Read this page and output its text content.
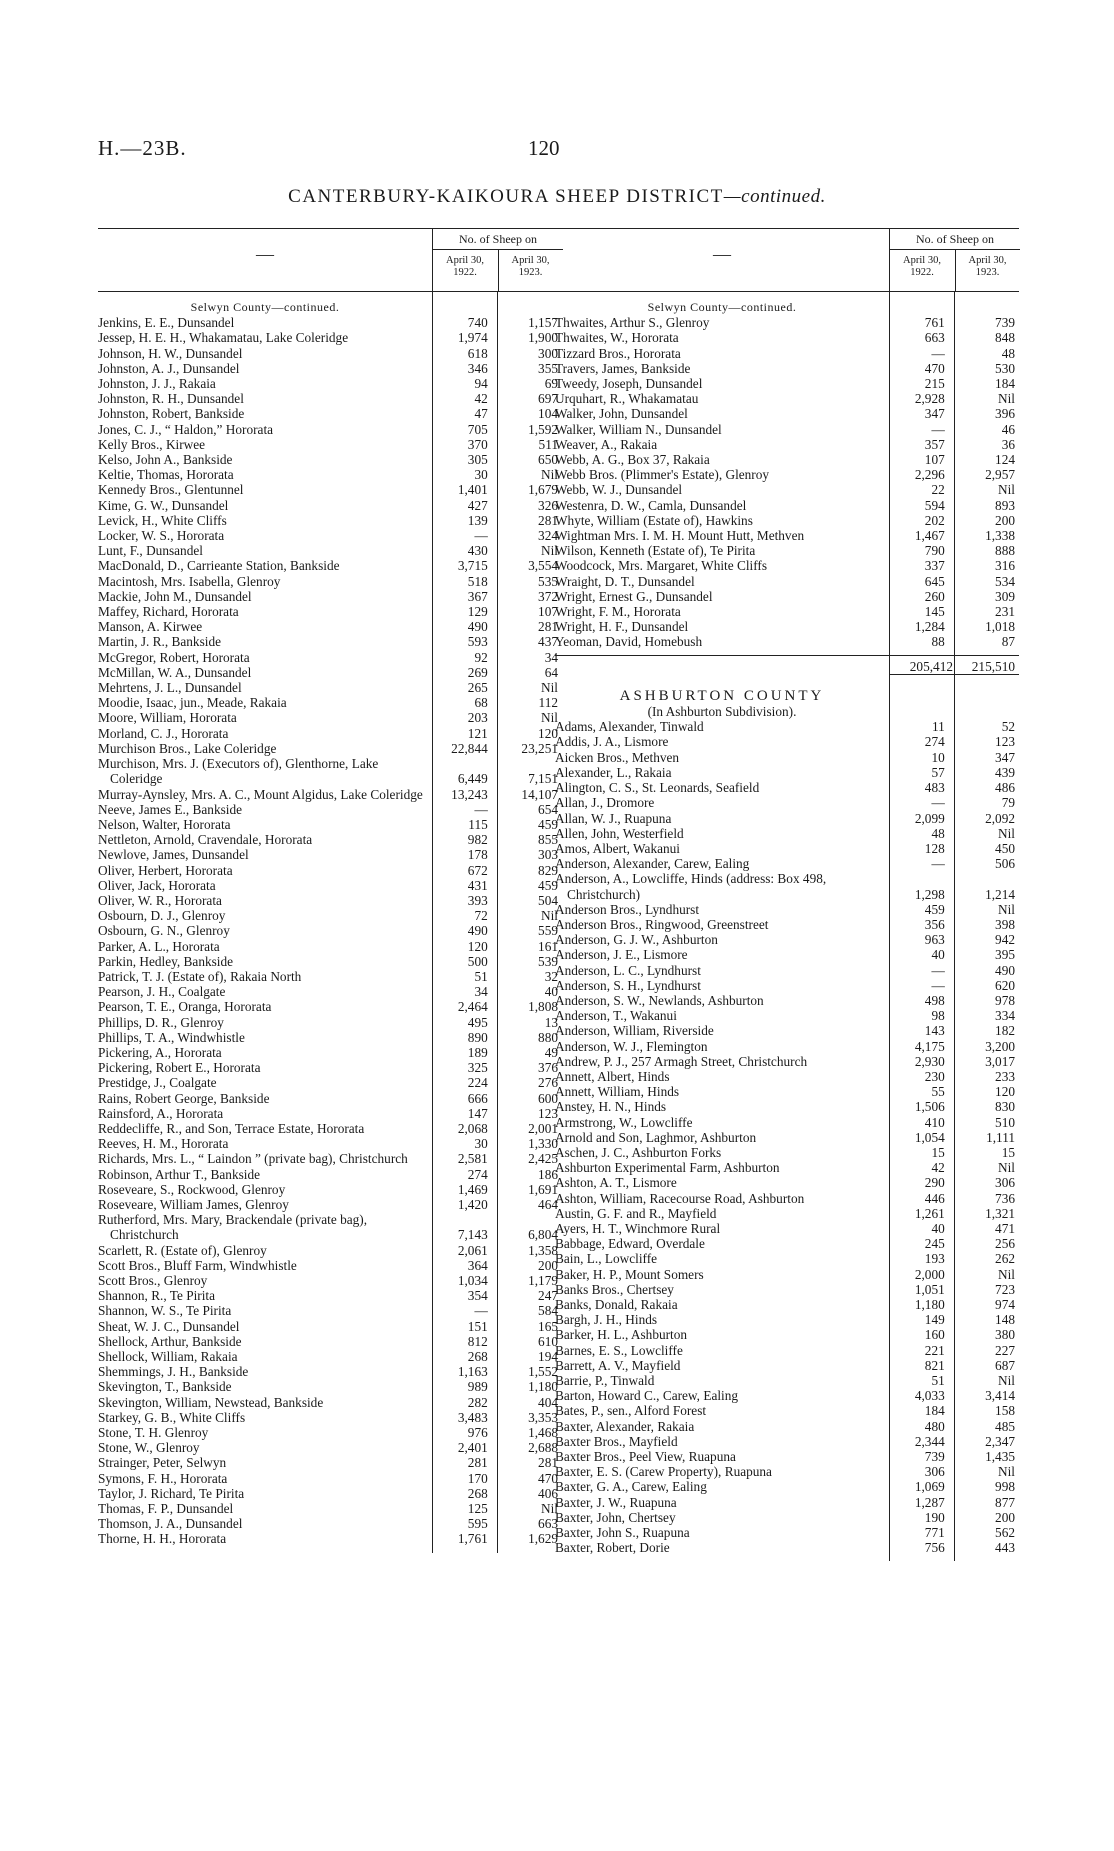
H.—23B.	120
CANTERBURY-KAIKOURA SHEEP DISTRICT—continued.
—
No. of Sheep on
April 30, 1922.
April 30, 1923.
Selwyn County—continued.
Jenkins, E. E., Dunsandel	740	1,157
Jessep, H. E. H., Whakamatau, Lake Coleridge	1,974	1,900
Johnson, H. W., Dunsandel	618	300
Johnston, A. J., Dunsandel	346	355
Johnston, J. J., Rakaia	94	69
Johnston, R. H., Dunsandel	42	697
Johnston, Robert, Bankside	47	104
Jones, C. J., “ Haldon,” Hororata	705	1,592
Kelly Bros., Kirwee	370	511
Kelso, John A., Bankside	305	650
Keltie, Thomas, Hororata	30	Nil
Kennedy Bros., Glentunnel	1,401	1,679
Kime, G. W., Dunsandel	427	326
Levick, H., White Cliffs	139	281
Locker, W. S., Hororata	—	324
Lunt, F., Dunsandel	430	Nil
MacDonald, D., Carrieante Station, Bankside	3,715	3,554
Macintosh, Mrs. Isabella, Glenroy	518	535
Mackie, John M., Dunsandel	367	372
Maffey, Richard, Hororata	129	107
Manson, A. Kirwee	490	281
Martin, J. R., Bankside	593	437
McGregor, Robert, Hororata	92	34
McMillan, W. A., Dunsandel	269	64
Mehrtens, J. L., Dunsandel	265	Nil
Moodie, Isaac, jun., Meade, Rakaia	68	112
Moore, William, Hororata	203	Nil
Morland, C. J., Hororata	121	120
Murchison Bros., Lake Coleridge	22,844	23,251
Murchison, Mrs. J. (Executors of), Glenthorne, Lake Coleridge	6,449	7,151
Murray-Aynsley, Mrs. A. C., Mount Algidus, Lake Coleridge	13,243	14,107
Neeve, James E., Bankside	—	654
Nelson, Walter, Hororata	115	459
Nettleton, Arnold, Cravendale, Hororata	982	855
Newlove, James, Dunsandel	178	303
Oliver, Herbert, Hororata	672	829
Oliver, Jack, Hororata	431	459
Oliver, W. R., Hororata	393	504
Osbourn, D. J., Glenroy	72	Nil
Osbourn, G. N., Glenroy	490	559
Parker, A. L., Hororata	120	161
Parkin, Hedley, Bankside	500	539
Patrick, T. J. (Estate of), Rakaia North	51	32
Pearson, J. H., Coalgate	34	40
Pearson, T. E., Oranga, Hororata	2,464	1,808
Phillips, D. R., Glenroy	495	13
Phillips, T. A., Windwhistle	890	880
Pickering, A., Hororata	189	49
Pickering, Robert E., Hororata	325	376
Prestidge, J., Coalgate	224	276
Rains, Robert George, Bankside	666	600
Rainsford, A., Hororata	147	123
Reddecliffe, R., and Son, Terrace Estate, Hororata	2,068	2,001
Reeves, H. M., Hororata	30	1,330
Richards, Mrs. L., “ Laindon ” (private bag), Christchurch	2,581	2,425
Robinson, Arthur T., Bankside	274	186
Roseveare, S., Rockwood, Glenroy	1,469	1,691
Roseveare, William James, Glenroy	1,420	464
Rutherford, Mrs. Mary, Brackendale (private bag), Christchurch	7,143	6,804
Scarlett, R. (Estate of), Glenroy	2,061	1,358
Scott Bros., Bluff Farm, Windwhistle	364	200
Scott Bros., Glenroy	1,034	1,179
Shannon, R., Te Pirita	354	247
Shannon, W. S., Te Pirita	—	584
Sheat, W. J. C., Dunsandel	151	165
Shellock, Arthur, Bankside	812	610
Shellock, William, Rakaia	268	194
Shemmings, J. H., Bankside	1,163	1,552
Skevington, T., Bankside	989	1,180
Skevington, William, Newstead, Bankside	282	404
Starkey, G. B., White Cliffs	3,483	3,353
Stone, T. H. Glenroy	976	1,468
Stone, W., Glenroy	2,401	2,688
Strainger, Peter, Selwyn	281	281
Symons, F. H., Hororata	170	470
Taylor, J. Richard, Te Pirita	268	406
Thomas, F. P., Dunsandel	125	Nil
Thomson, J. A., Dunsandel	595	663
Thorne, H. H., Hororata	1,761	1,629
—
No. of Sheep on
April 30, 1922.
April 30, 1923.
Selwyn County—continued.
Thwaites, Arthur S., Glenroy	761	739
Thwaites, W., Hororata	663	848
Tizzard Bros., Hororata	—	48
Travers, James, Bankside	470	530
Tweedy, Joseph, Dunsandel	215	184
Urquhart, R., Whakamatau	2,928	Nil
Walker, John, Dunsandel	347	396
Walker, William N., Dunsandel	—	46
Weaver, A., Rakaia	357	36
Webb, A. G., Box 37, Rakaia	107	124
Webb Bros. (Plimmer's Estate), Glenroy	2,296	2,957
Webb, W. J., Dunsandel	22	Nil
Westenra, D. W., Camla, Dunsandel	594	893
Whyte, William (Estate of), Hawkins	202	200
Wightman Mrs. I. M. H. Mount Hutt, Methven	1,467	1,338
Wilson, Kenneth (Estate of), Te Pirita	790	888
Woodcock, Mrs. Margaret, White Cliffs	337	316
Wraight, D. T., Dunsandel	645	534
Wright, Ernest G., Dunsandel	260	309
Wright, F. M., Hororata	145	231
Wright, H. F., Dunsandel	1,284	1,018
Yeoman, David, Homebush	88	87
205,412	215,510
ASHBURTON COUNTY
(In Ashburton Subdivision).
Adams, Alexander, Tinwald	11	52
Addis, J. A., Lismore	274	123
Aicken Bros., Methven	10	347
Alexander, L., Rakaia	57	439
Alington, C. S., St. Leonards, Seafield	483	486
Allan, J., Dromore	—	79
Allan, W. J., Ruapuna	2,099	2,092
Allen, John, Westerfield	48	Nil
Amos, Albert, Wakanui	128	450
Anderson, Alexander, Carew, Ealing	—	506
Anderson, A., Lowcliffe, Hinds (address: Box 498, Christchurch)	1,298	1,214
Anderson Bros., Lyndhurst	459	Nil
Anderson Bros., Ringwood, Greenstreet	356	398
Anderson, G. J. W., Ashburton	963	942
Anderson, J. E., Lismore	40	395
Anderson, L. C., Lyndhurst	—	490
Anderson, S. H., Lyndhurst	—	620
Anderson, S. W., Newlands, Ashburton	498	978
Anderson, T., Wakanui	98	334
Anderson, William, Riverside	143	182
Anderson, W. J., Flemington	4,175	3,200
Andrew, P. J., 257 Armagh Street, Christchurch	2,930	3,017
Annett, Albert, Hinds	230	233
Annett, William, Hinds	55	120
Anstey, H. N., Hinds	1,506	830
Armstrong, W., Lowcliffe	410	510
Arnold and Son, Laghmor, Ashburton	1,054	1,111
Aschen, J. C., Ashburton Forks	15	15
Ashburton Experimental Farm, Ashburton	42	Nil
Ashton, A. T., Lismore	290	306
Ashton, William, Racecourse Road, Ashburton	446	736
Austin, G. F. and R., Mayfield	1,261	1,321
Ayers, H. T., Winchmore Rural	40	471
Babbage, Edward, Overdale	245	256
Bain, L., Lowcliffe	193	262
Baker, H. P., Mount Somers	2,000	Nil
Banks Bros., Chertsey	1,051	723
Banks, Donald, Rakaia	1,180	974
Bargh, J. H., Hinds	149	148
Barker, H. L., Ashburton	160	380
Barnes, E. S., Lowcliffe	221	227
Barrett, A. V., Mayfield	821	687
Barrie, P., Tinwald	51	Nil
Barton, Howard C., Carew, Ealing	4,033	3,414
Bates, P., sen., Alford Forest	184	158
Baxter, Alexander, Rakaia	480	485
Baxter Bros., Mayfield	2,344	2,347
Baxter Bros., Peel View, Ruapuna	739	1,435
Baxter, E. S. (Carew Property), Ruapuna	306	Nil
Baxter, G. A., Carew, Ealing	1,069	998
Baxter, J. W., Ruapuna	1,287	877
Baxter, John, Chertsey	190	200
Baxter, John S., Ruapuna	771	562
Baxter, Robert, Dorie	756	443
